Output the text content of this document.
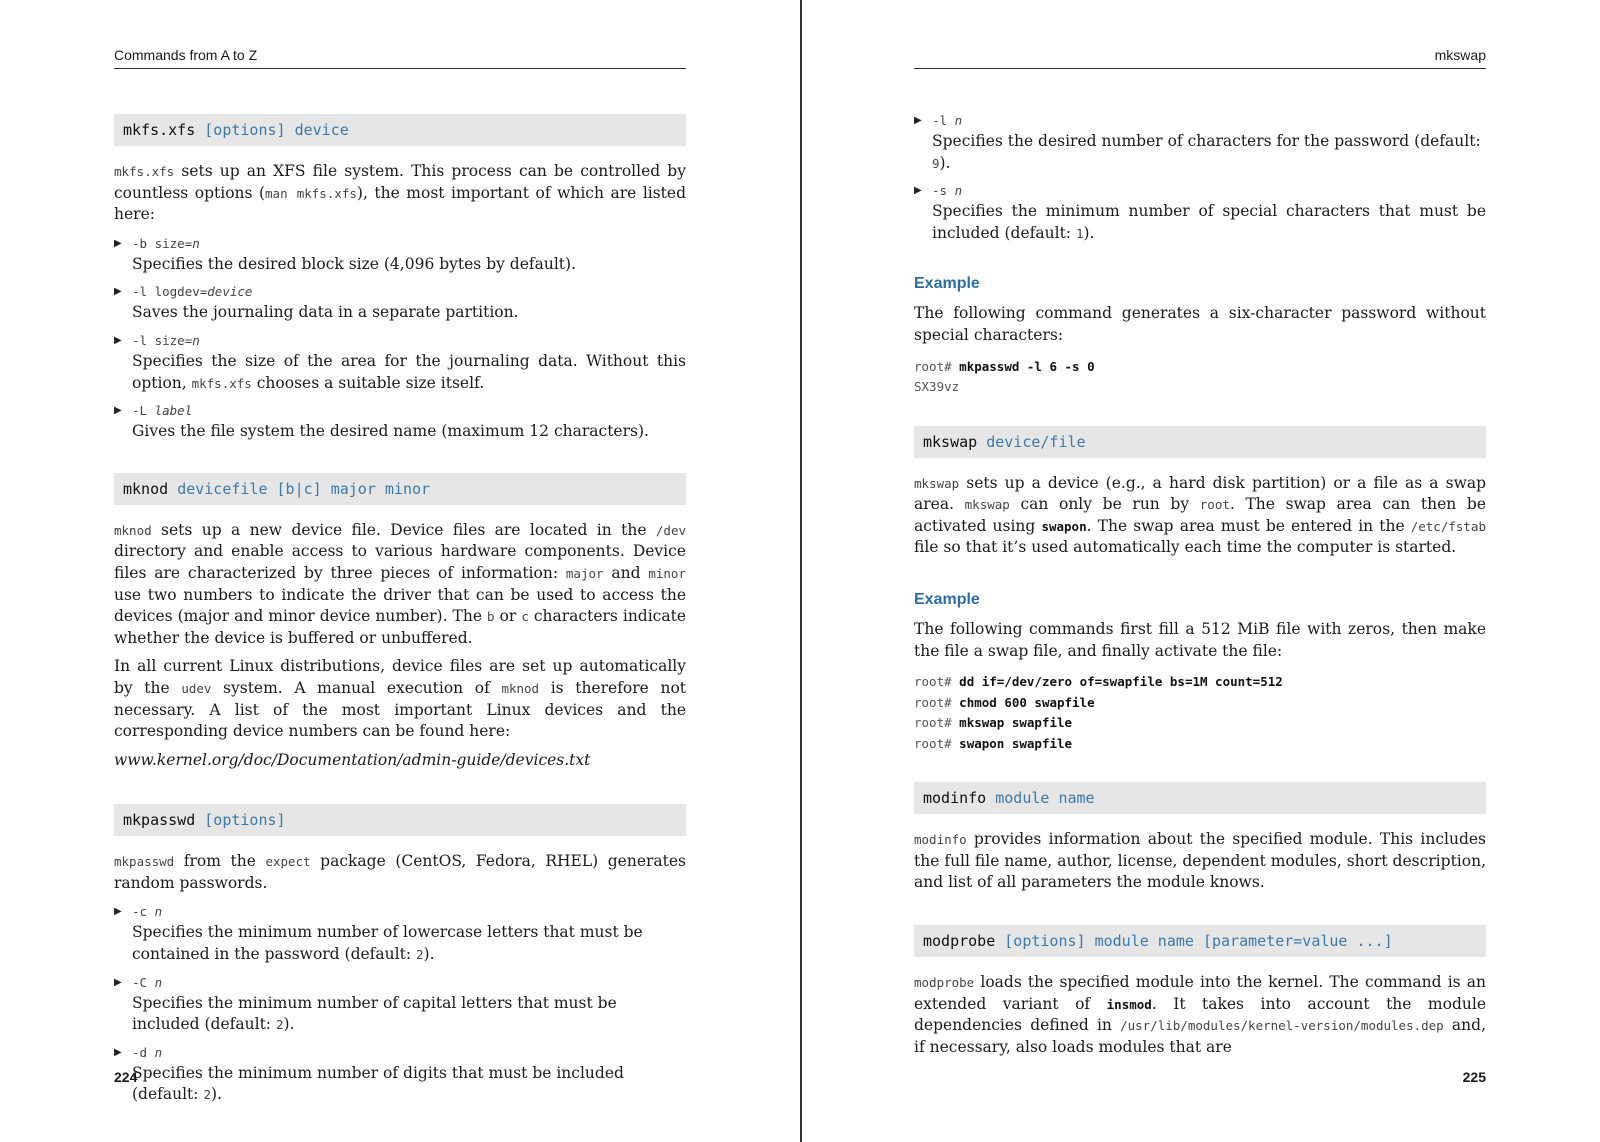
Commands from A to Z
mkfs.xfs [options] device

mkfs.xfs sets up an XFS file system. This process can be controlled by countless options (man mkfs.xfs), the most important of which are listed here:

▶ -b size=n
Specifies the desired block size (4,096 bytes by default).
▶ -l logdev=device
Saves the journaling data in a separate partition.
▶ -l size=n
Specifies the size of the area for the journaling data. Without this option, mkfs.xfs chooses a suitable size itself.
▶ -L label
Gives the file system the desired name (maximum 12 characters).
mknod devicefile [b|c] major minor

mknod sets up a new device file. Device files are located in the /dev directory and enable access to various hardware components. Device files are characterized by three pieces of information: major and minor use two numbers to indicate the driver that can be used to access the devices (major and minor device number). The b or c characters indicate whether the device is buffered or unbuffered.

In all current Linux distributions, device files are set up automatically by the udev system. A manual execution of mknod is therefore not necessary. A list of the most important Linux devices and the corresponding device numbers can be found here:

www.kernel.org/doc/Documentation/admin-guide/devices.txt
mkpasswd [options]

mkpasswd from the expect package (CentOS, Fedora, RHEL) generates random passwords.

▶ -c n
Specifies the minimum number of lowercase letters that must be contained in the password (default: 2).
▶ -C n
Specifies the minimum number of capital letters that must be included (default: 2).
▶ -d n
Specifies the minimum number of digits that must be included (default: 2).
224
mkswap
▶ -l n
Specifies the desired number of characters for the password (default: 9).
▶ -s n
Specifies the minimum number of special characters that must be included (default: 1).
Example

The following command generates a six-character password without special characters:

root# mkpasswd -l 6 -s 0
SX39vz
mkswap device/file

mkswap sets up a device (e.g., a hard disk partition) or a file as a swap area. mkswap can only be run by root. The swap area can then be activated using swapon. The swap area must be entered in the /etc/fstab file so that it’s used automatically each time the computer is started.

Example

The following commands first fill a 512 MiB file with zeros, then make the file a swap file, and finally activate the file:

root# dd if=/dev/zero of=swapfile bs=1M count=512
root# chmod 600 swapfile
root# mkswap swapfile
root# swapon swapfile
modinfo module name

modinfo provides information about the specified module. This includes the full file name, author, license, dependent modules, short description, and list of all parameters the module knows.

modprobe [options] module name [parameter=value ...]

modprobe loads the specified module into the kernel. The command is an extended variant of insmod. It takes into account the module dependencies defined in /usr/lib/modules/kernel-version/modules.dep and, if necessary, also loads modules that are

225
